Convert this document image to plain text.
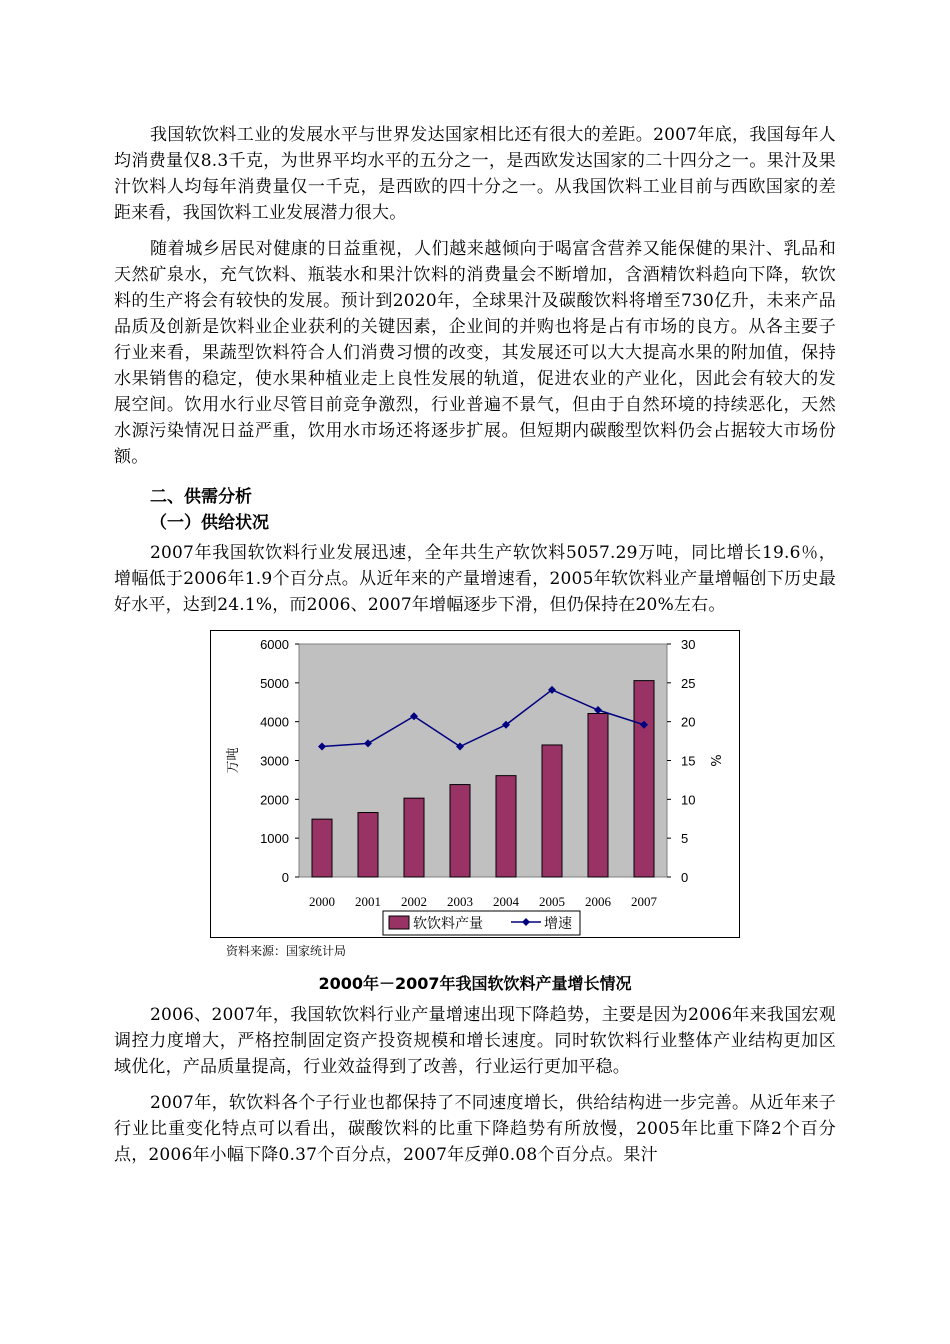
我国软饮料工业的发展水平与世界发达国家相比还有很大的差距。2007年底，我国每年人均消费量仅8.3千克，为世界平均水平的五分之一，是西欧发达国家的二十四分之一。果汁及果汁饮料人均每年消费量仅一千克，是西欧的四十分之一。从我国饮料工业目前与西欧国家的差距来看，我国饮料工业发展潜力很大。

随着城乡居民对健康的日益重视，人们越来越倾向于喝富含营养又能保健的果汁、乳品和天然矿泉水，充气饮料、瓶装水和果汁饮料的消费量会不断增加，含酒精饮料趋向下降，软饮料的生产将会有较快的发展。预计到2020年，全球果汁及碳酸饮料将增至730亿升，未来产品品质及创新是饮料业企业获利的关键因素，企业间的并购也将是占有市场的良方。从各主要子行业来看，果蔬型饮料符合人们消费习惯的改变，其发展还可以大大提高水果的附加值，保持水果销售的稳定，使水果种植业走上良性发展的轨道，促进农业的产业化，因此会有较大的发展空间。饮用水行业尽管目前竞争激烈，行业普遍不景气，但由于自然环境的持续恶化，天然水源污染情况日益严重，饮用水市场还将逐步扩展。但短期内碳酸型饮料仍会占据较大市场份额。

二、供需分析
（一）供给状况

2007年我国软饮料行业发展迅速，全年共生产软饮料5057.29万吨，同比增长19.6％，增幅低于2006年1.9个百分点。从近年来的产量增速看，2005年软饮料业产量增幅创下历史最好水平，达到24.1%，而2006、2007年增幅逐步下滑，但仍保持在20%左右。

0
1000
2000
3000
4000
5000
6000
0
5
10
15
20
25
30
2000 2001 2002 2003 2004 2005 2006 2007
万吨	%
软饮料产量	增速
资料来源：国家统计局
2000年－2007年我国软饮料产量增长情况

2006、2007年，我国软饮料行业产量增速出现下降趋势，主要是因为2006年来我国宏观调控力度增大，严格控制固定资产投资规模和增长速度。同时软饮料行业整体产业结构更加区域优化，产品质量提高，行业效益得到了改善，行业运行更加平稳。

2007年，软饮料各个子行业也都保持了不同速度增长，供给结构进一步完善。从近年来子行业比重变化特点可以看出，碳酸饮料的比重下降趋势有所放慢，2005年比重下降2个百分点，2006年小幅下降0.37个百分点，2007年反弹0.08个百分点。果汁
